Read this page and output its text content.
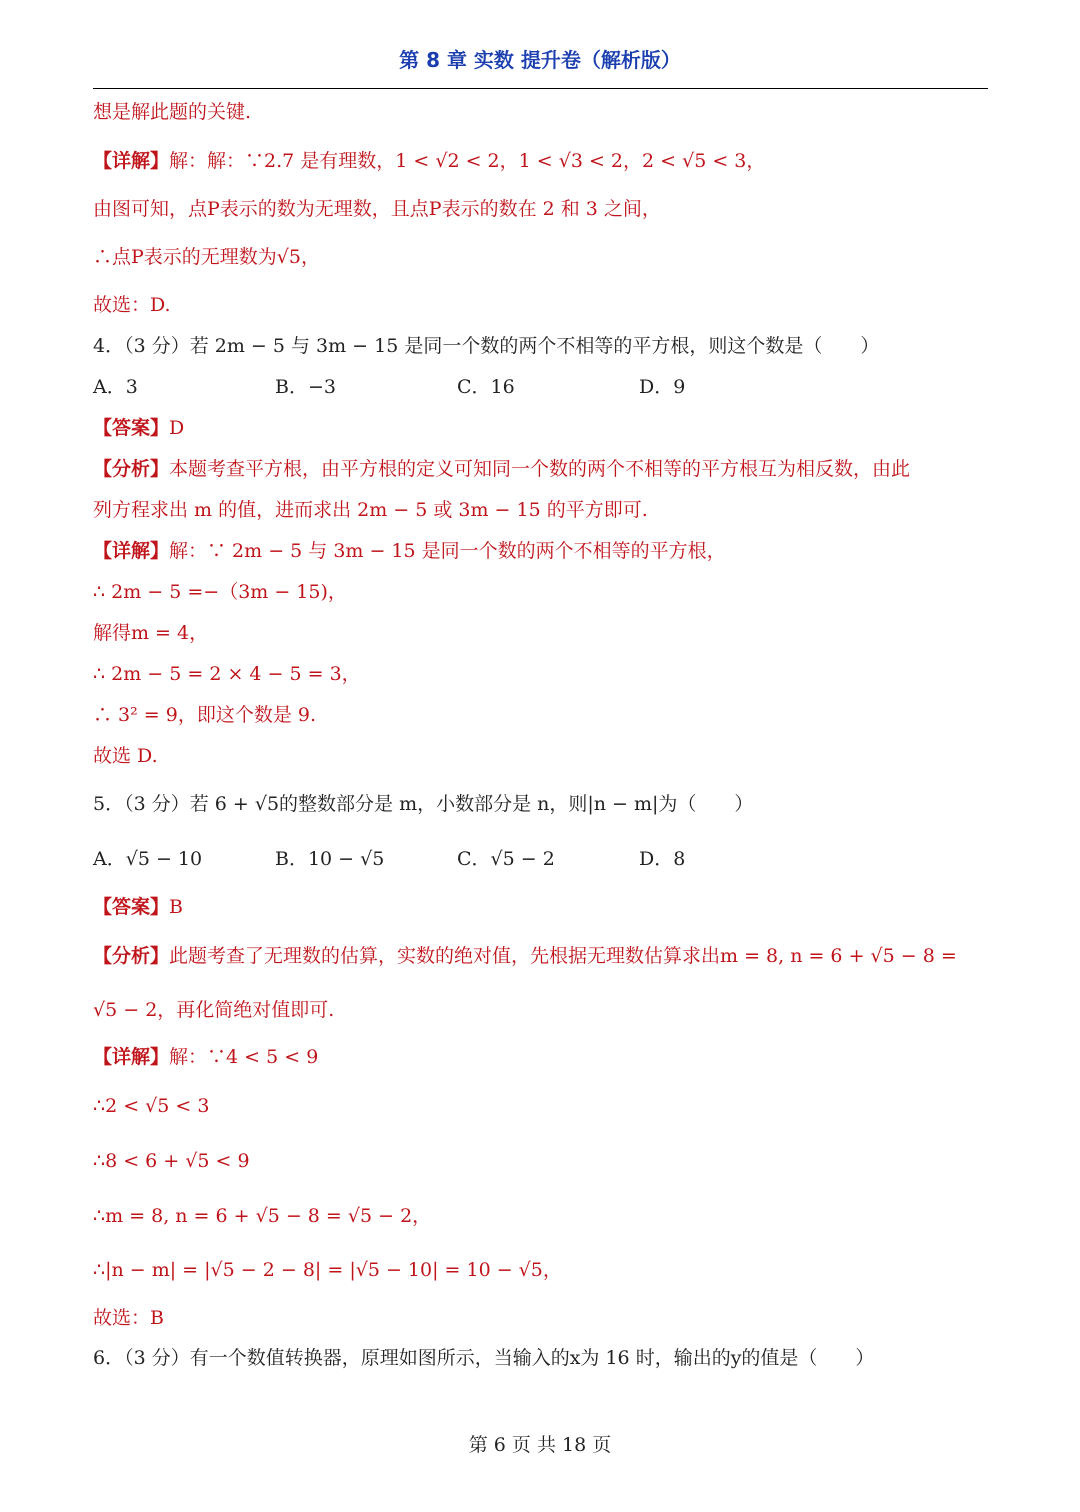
第 8 章 实数 提升卷（解析版）
想是解此题的关键.
【详解】解：解：∵2.7 是有理数，1 < √2 < 2，1 < √3 < 2，2 < √5 < 3，
由图可知，点P表示的数为无理数，且点P表示的数在 2 和 3 之间，
∴点P表示的无理数为√5，
故选：D.
4．（3 分）若 2m − 5 与 3m − 15 是同一个数的两个不相等的平方根，则这个数是（　　）
A．3	B．−3	C．16	D．9
【答案】D
【分析】本题考查平方根，由平方根的定义可知同一个数的两个不相等的平方根互为相反数，由此
列方程求出 m 的值，进而求出 2m − 5 或 3m − 15 的平方即可.
【详解】解：∵ 2m − 5 与 3m − 15 是同一个数的两个不相等的平方根，
∴ 2m − 5 =−（3m − 15)，
解得m = 4，
∴ 2m − 5 = 2 × 4 − 5 = 3，
∴ 3² = 9，即这个数是 9.
故选 D.
5．（3 分）若 6 + √5的整数部分是 m，小数部分是 n，则|n − m|为（　　）
A．√5 − 10	B．10 − √5	C．√5 − 2	D．8
【答案】B
【分析】此题考查了无理数的估算，实数的绝对值，先根据无理数估算求出m = 8, n = 6 + √5 − 8 =
√5 − 2，再化简绝对值即可.
【详解】解：∵4 < 5 < 9
∴2 < √5 < 3
∴8 < 6 + √5 < 9
∴m = 8, n = 6 + √5 − 8 = √5 − 2，
∴|n − m| = |√5 − 2 − 8| = |√5 − 10| = 10 − √5，
故选：B
6．（3 分）有一个数值转换器，原理如图所示，当输入的x为 16 时，输出的y的值是（　　）
第 6 页 共 18 页
